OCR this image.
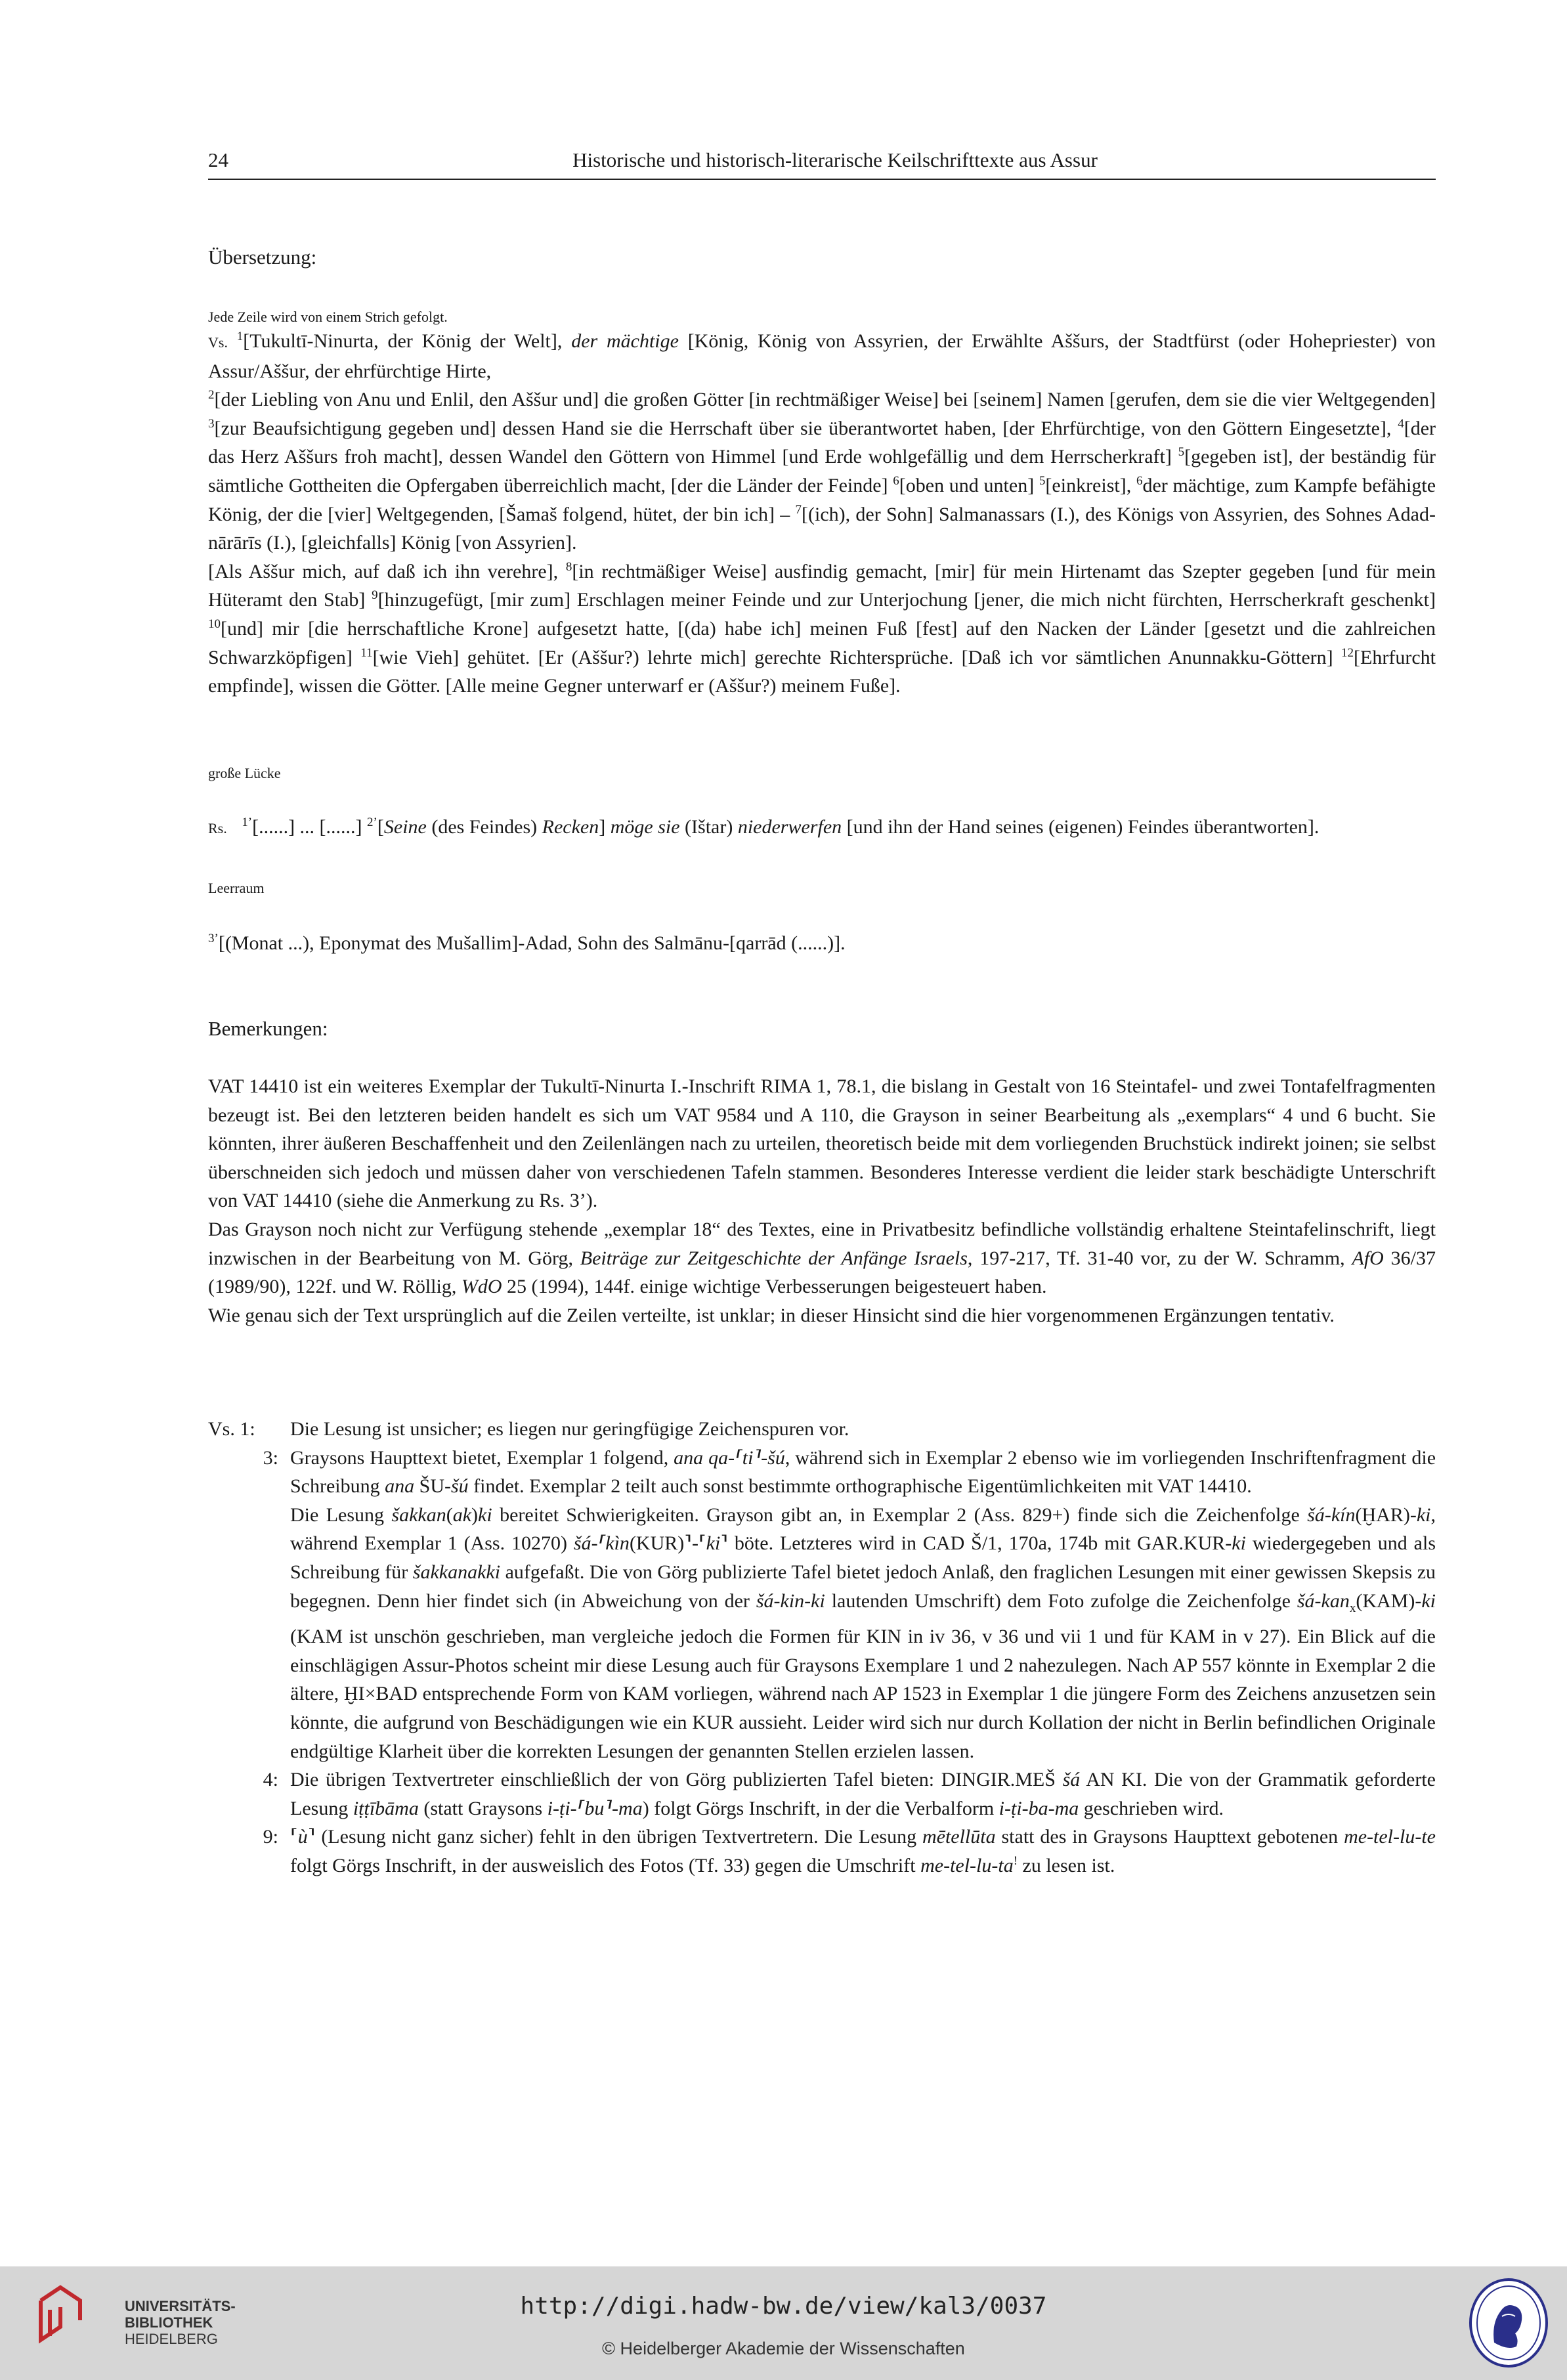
24	Historische und historisch-literarische Keilschrifttexte aus Assur
Übersetzung:
Jede Zeile wird von einem Strich gefolgt.
Vs. $^1$[Tukultī-Ninurta, der König der Welt], der mächtige [König, König von Assyrien, der Erwählte Aššurs, der Stadtfürst (oder Hohepriester) von Assur/Aššur, der ehrfürchtige Hirte,
$^2$[der Liebling von Anu und Enlil, den Aššur und] die großen Götter [in rechtmäßiger Weise] bei [seinem] Namen [gerufen, dem sie die vier Weltgegenden] $^3$[zur Beaufsichtigung gegeben und] dessen Hand sie die Herrschaft über sie überantwortet haben, [der Ehrfürchtige, von den Göttern Eingesetzte], $^4$[der das Herz Aššurs froh macht], dessen Wandel den Göttern von Himmel [und Erde wohlgefällig und dem Herrscherkraft] $^5$[gegeben ist], der beständig für sämtliche Gottheiten die Opfergaben überreichlich macht, [der die Länder der Feinde] $^6$[oben und unten] $^5$[einkreist], $^6$der mächtige, zum Kampfe befähigte König, der die [vier] Weltgegenden, [Šamaš folgend, hütet, der bin ich] – $^7$[(ich), der Sohn] Salmanassars (I.), des Königs von Assyrien, des Sohnes Adad-nārārīs (I.), [gleichfalls] König [von Assyrien].
[Als Aššur mich, auf daß ich ihn verehre], $^8$[in rechtmäßiger Weise] ausfindig gemacht, [mir] für mein Hirtenamt das Szepter gegeben [und für mein Hüteramt den Stab] $^9$[hinzugefügt, [mir zum] Erschlagen meiner Feinde und zur Unterjochung [jener, die mich nicht fürchten, Herrscherkraft geschenkt] $^{10}$[und] mir [die herrschaftliche Krone] aufgesetzt hatte, [(da) habe ich] meinen Fuß [fest] auf den Nacken der Länder [gesetzt und die zahlreichen Schwarzköpfigen] $^{11}$[wie Vieh] gehütet. [Er (Aššur?) lehrte mich] gerechte Richtersprüche. [Daß ich vor sämtlichen Anunnakku-Göttern] $^{12}$[Ehrfurcht empfinde], wissen die Götter. [Alle meine Gegner unterwarf er (Aššur?) meinem Fuße].
große Lücke
Rs. $^{1’}$[......] ... [......] $^{2’}$[Seine (des Feindes) Recken] möge sie (Ištar) niederwerfen [und ihn der Hand seines (eigenen) Feindes überantworten].
Leerraum
$^{3’}$[(Monat ...), Eponymat des Mušallim]-Adad, Sohn des Salmānu-[qarrād (......)].
Bemerkungen:
VAT 14410 ist ein weiteres Exemplar der Tukultī-Ninurta I.-Inschrift RIMA 1, 78.1, die bislang in Gestalt von 16 Steintafel- und zwei Tontafelfragmenten bezeugt ist. Bei den letzteren beiden handelt es sich um VAT 9584 und A 110, die Grayson in seiner Bearbeitung als „exemplars“ 4 und 6 bucht. Sie könnten, ihrer äußeren Beschaffenheit und den Zeilenlängen nach zu urteilen, theoretisch beide mit dem vorliegenden Bruchstück indirekt joinen; sie selbst überschneiden sich jedoch und müssen daher von verschiedenen Tafeln stammen. Besonderes Interesse verdient die leider stark beschädigte Unterschrift von VAT 14410 (siehe die Anmerkung zu Rs. 3’).
Das Grayson noch nicht zur Verfügung stehende „exemplar 18“ des Textes, eine in Privatbesitz befindliche vollständig erhaltene Steintafelinschrift, liegt inzwischen in der Bearbeitung von M. Görg, Beiträge zur Zeitgeschichte der Anfänge Israels, 197-217, Tf. 31-40 vor, zu der W. Schramm, AfO 36/37 (1989/90), 122f. und W. Röllig, WdO 25 (1994), 144f. einige wichtige Verbesserungen beigesteuert haben.
Wie genau sich der Text ursprünglich auf die Zeilen verteilte, ist unklar; in dieser Hinsicht sind die hier vorgenommenen Ergänzungen tentativ.
Vs. 1:	Die Lesung ist unsicher; es liegen nur geringfügige Zeichenspuren vor.
3: Graysons Haupttext bietet, Exemplar 1 folgend, ana qa-⸢ti⸣-šú, während sich in Exemplar 2 ebenso wie im vorliegenden Inschriftenfragment die Schreibung ana ŠU-šú findet. Exemplar 2 teilt auch sonst bestimmte orthographische Eigentümlichkeiten mit VAT 14410.
Die Lesung šakkan(ak)ki bereitet Schwierigkeiten. Grayson gibt an, in Exemplar 2 (Ass. 829+) finde sich die Zeichenfolge šá-kín(ḪAR)-ki, während Exemplar 1 (Ass. 10270) šá-⸢kìn(KUR)⸣-⸢ki⸣ böte. Letzteres wird in CAD Š/1, 170a, 174b mit GAR.KUR-ki wiedergegeben und als Schreibung für šakkanakki aufgefaßt. Die von Görg publizierte Tafel bietet jedoch Anlaß, den fraglichen Lesungen mit einer gewissen Skepsis zu begegnen. Denn hier findet sich (in Abweichung von der šá-kin-ki lautenden Umschrift) dem Foto zufolge die Zeichenfolge šá-kan$_x$(KAM)-ki (KAM ist unschön geschrieben, man vergleiche jedoch die Formen für KIN in iv 36, v 36 und vii 1 und für KAM in v 27). Ein Blick auf die einschlägigen Assur-Photos scheint mir diese Lesung auch für Graysons Exemplare 1 und 2 nahezulegen. Nach AP 557 könnte in Exemplar 2 die ältere, ḪI×BAD entsprechende Form von KAM vorliegen, während nach AP 1523 in Exemplar 1 die jüngere Form des Zeichens anzusetzen sein könnte, die aufgrund von Beschädigungen wie ein KUR aussieht. Leider wird sich nur durch Kollation der nicht in Berlin befindlichen Originale endgültige Klarheit über die korrekten Lesungen der genannten Stellen erzielen lassen.
4: Die übrigen Textvertreter einschließlich der von Görg publizierten Tafel bieten: DINGIR.MEŠ šá AN KI. Die von der Grammatik geforderte Lesung iṭṭībāma (statt Graysons i-ṭi-⸢bu⸣-ma) folgt Görgs Inschrift, in der die Verbalform i-ṭi-ba-ma geschrieben wird.
9: ⸢ù⸣ (Lesung nicht ganz sicher) fehlt in den übrigen Textvertretern. Die Lesung mētellūta statt des in Graysons Haupttext gebotenen me-tel-lu-te folgt Görgs Inschrift, in der ausweislich des Fotos (Tf. 33) gegen die Umschrift me-tel-lu-ta! zu lesen ist.
UNIVERSITÄTS-
BIBLIOTHEK
HEIDELBERG
http://digi.hadw-bw.de/view/kal3/0037
© Heidelberger Akademie der Wissenschaften
